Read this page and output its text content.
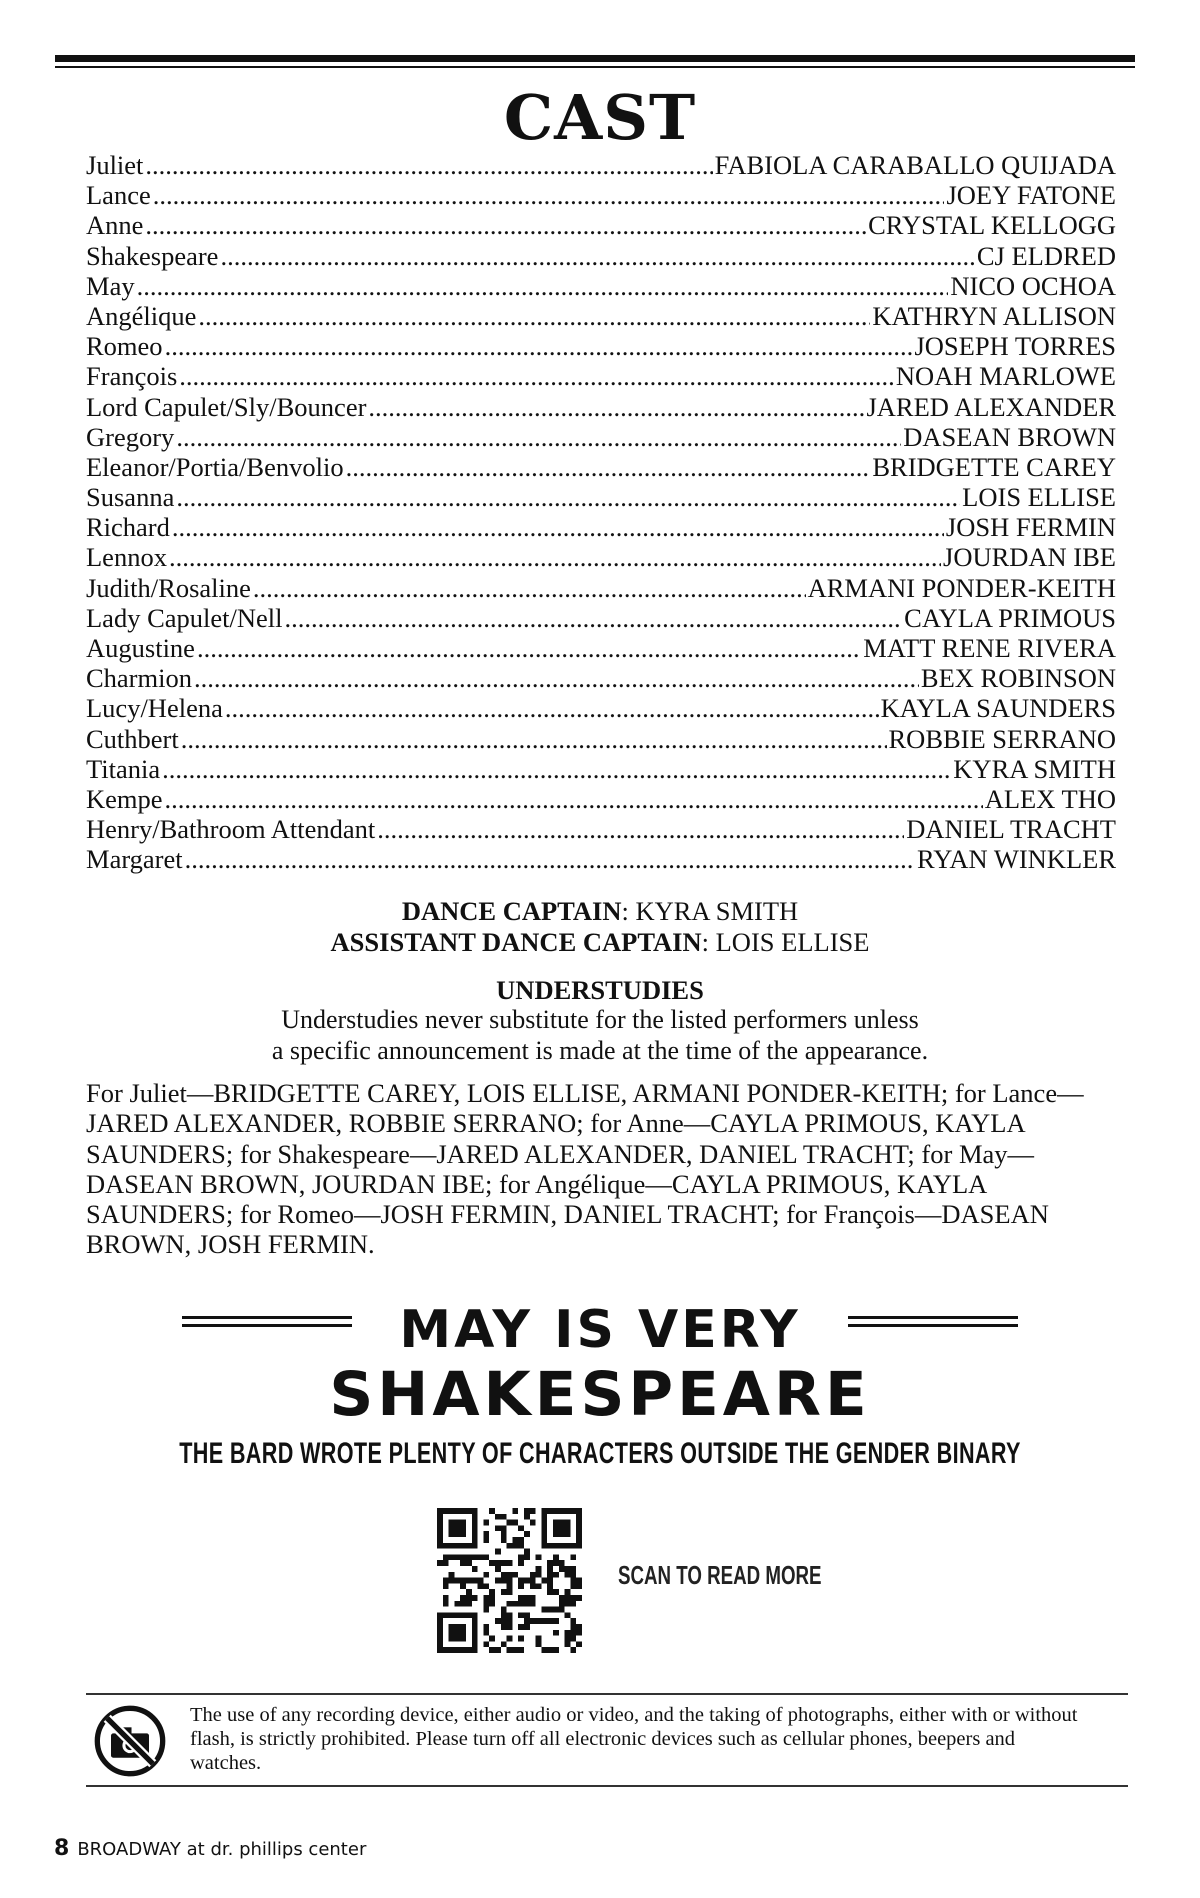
CAST
Juliet .....	FABIOLA CARABALLO QUIJADA
Lance .....	JOEY FATONE
Anne .....	CRYSTAL KELLOGG
Shakespeare .....	CJ ELDRED
May .....	NICO OCHOA
Angélique .....	KATHRYN ALLISON
Romeo .....	JOSEPH TORRES
François .....	NOAH MARLOWE
Lord Capulet/Sly/Bouncer .....	JARED ALEXANDER
Gregory .....	DASEAN BROWN
Eleanor/Portia/Benvolio .....	BRIDGETTE CAREY
Susanna .....	LOIS ELLISE
Richard .....	JOSH FERMIN
Lennox .....	JOURDAN IBE
Judith/Rosaline .....	ARMANI PONDER-KEITH
Lady Capulet/Nell .....	CAYLA PRIMOUS
Augustine .....	MATT RENE RIVERA
Charmion .....	BEX ROBINSON
Lucy/Helena .....	KAYLA SAUNDERS
Cuthbert .....	ROBBIE SERRANO
Titania .....	KYRA SMITH
Kempe .....	ALEX THO
Henry/Bathroom Attendant .....	DANIEL TRACHT
Margaret .....	RYAN WINKLER
DANCE CAPTAIN: KYRA SMITH
ASSISTANT DANCE CAPTAIN: LOIS ELLISE
UNDERSTUDIES
Understudies never substitute for the listed performers unless
a specific announcement is made at the time of the appearance.

For Juliet—BRIDGETTE CAREY, LOIS ELLISE, ARMANI PONDER-KEITH; for Lance—JARED ALEXANDER, ROBBIE SERRANO; for Anne—CAYLA PRIMOUS, KAYLA SAUNDERS; for Shakespeare—JARED ALEXANDER, DANIEL TRACHT; for May—DASEAN BROWN, JOURDAN IBE; for Angélique—CAYLA PRIMOUS, KAYLA SAUNDERS; for Romeo—JOSH FERMIN, DANIEL TRACHT; for François—DASEAN BROWN, JOSH FERMIN.

MAY IS VERY
SHAKESPEARE
THE BARD WROTE PLENTY OF CHARACTERS OUTSIDE THE GENDER BINARY
SCAN TO READ MORE

The use of any recording device, either audio or video, and the taking of photographs, either with or without flash, is strictly prohibited. Please turn off all electronic devices such as cellular phones, beepers and watches.

8 BROADWAY at dr. phillips center
